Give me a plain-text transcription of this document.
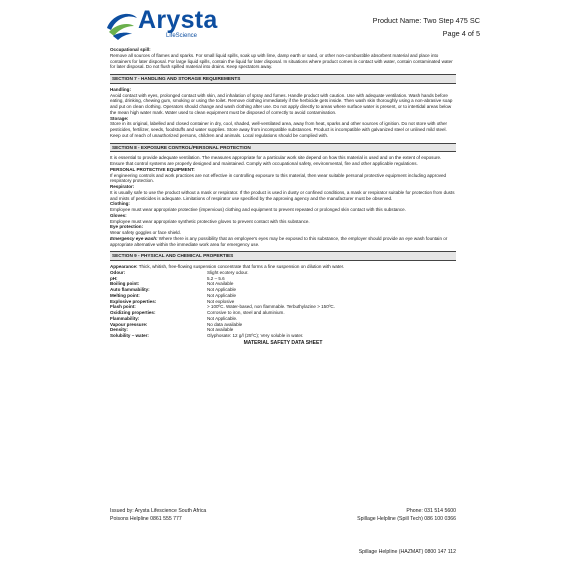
Arysta
LifeScience
Product Name: Two Step 475 SC
Page 4 of 5
Occupational spill:

Remove all sources of flames and sparks. For small liquid spills, soak up with lime, damp earth or sand, or other non-combustible absorbent material and place into containers for later disposal. For large liquid spills, contain the liquid for later disposal. In situations where product comes in contact with water, contain contaminated water for later disposal. Do not flush spilled material into drains. Keep spectators away.

SECTION 7 - HANDLING AND STORAGE REQUIREMENTS
Handling:

Avoid contact with eyes, prolonged contact with skin, and inhalation of spray and fumes. Handle product with caution. Use with adequate ventilation. Wash hands before eating, drinking, chewing gum, smoking or using the toilet. Remove clothing immediately if the herbicide gets inside. Then wash skin thoroughly using a non-abrasive soap and put on clean clothing. Operators should change and wash clothing after use. Do not apply directly to areas where surface water is present, or to intertidal areas below the mean high water mark. Water used to clean equipment must be disposed of correctly to avoid contamination.

Storage:

Store in its original, labelled and closed container in dry, cool, shaded, well-ventilated area, away from heat, sparks and other sources of ignition. Do not store with other pesticides, fertilizer, seeds, foodstuffs and water supplies. Store away from incompatible substances. Product is incompatible with galvanized steel or unlined mild steel. Keep out of reach of unauthorized persons, children and animals. Local regulations should be complied with.

SECTION 8 - EXPOSURE CONTROL/PERSONAL PROTECTION

It is essential to provide adequate ventilation. The measures appropriate for a particular work site depend on how this material is used and on the extent of exposure. Ensure that control systems are properly designed and maintained. Comply with occupational safety, environmental, fire and other applicable regulations.

PERSONAL PROTECTIVE EQUIPMENT:

If engineering controls and work practices are not effective in controlling exposure to this material, then wear suitable personal protective equipment including approved respiratory protection.

Respirator:

It is usually safe to use the product without a mask or respirator. If the product is used in dusty or confined conditions, a mask or respirator suitable for protection from dusts and mists of pesticides is adequate. Limitations of respirator use specified by the approving agency and the manufacturer must be observed.

Clothing:

Employee must wear appropriate protective (impervious) clothing and equipment to prevent repeated or prolonged skin contact with this substance.

Gloves:

Employee must wear appropriate synthetic protective gloves to prevent contact with this substance.

Eye protection:

Wear safety goggles or face shield.

Emergency eye wash: Where there is any possibility that an employee's eyes may be exposed to this substance, the employer should provide an eye wash fountain or appropriate alternative within the immediate work area for emergency use.

SECTION 9 - PHYSICAL AND CHEMICAL PROPERTIES

Appearance: Thick, whitish, free-flowing suspension concentrate that forms a fine suspension on dilution with water.

Odour:	Slight ecotery odour.
pH:	5.2 – 5.6
Boiling point:	Not Available
Auto flammability:	Not Applicable
Melting point:	Not Applicable
Explosive properties:	Not explosive
Flash point:	> 100ºC. Water-based, non flammable. Terbuthylazine > 150ºC.
Oxidizing properties:	Corrosive to iron, steel and aluminium.
Flammability:	Not Applicable.
Vapour pressure:	No data available
Density:	Not available
Solubility – water:	Glyphosate: 12 g/l (25ºC); Very soluble in water.
MATERIAL SAFETY DATA SHEET
Issued by: Arysta Lifescience South Africa	Phone: 031 514 5600
Poisons Helpline 0861 555 777	Spillage Helpline (Spill Tech) 086 100 0366
Spillage Helpline (HAZMAT) 0800 147 112
